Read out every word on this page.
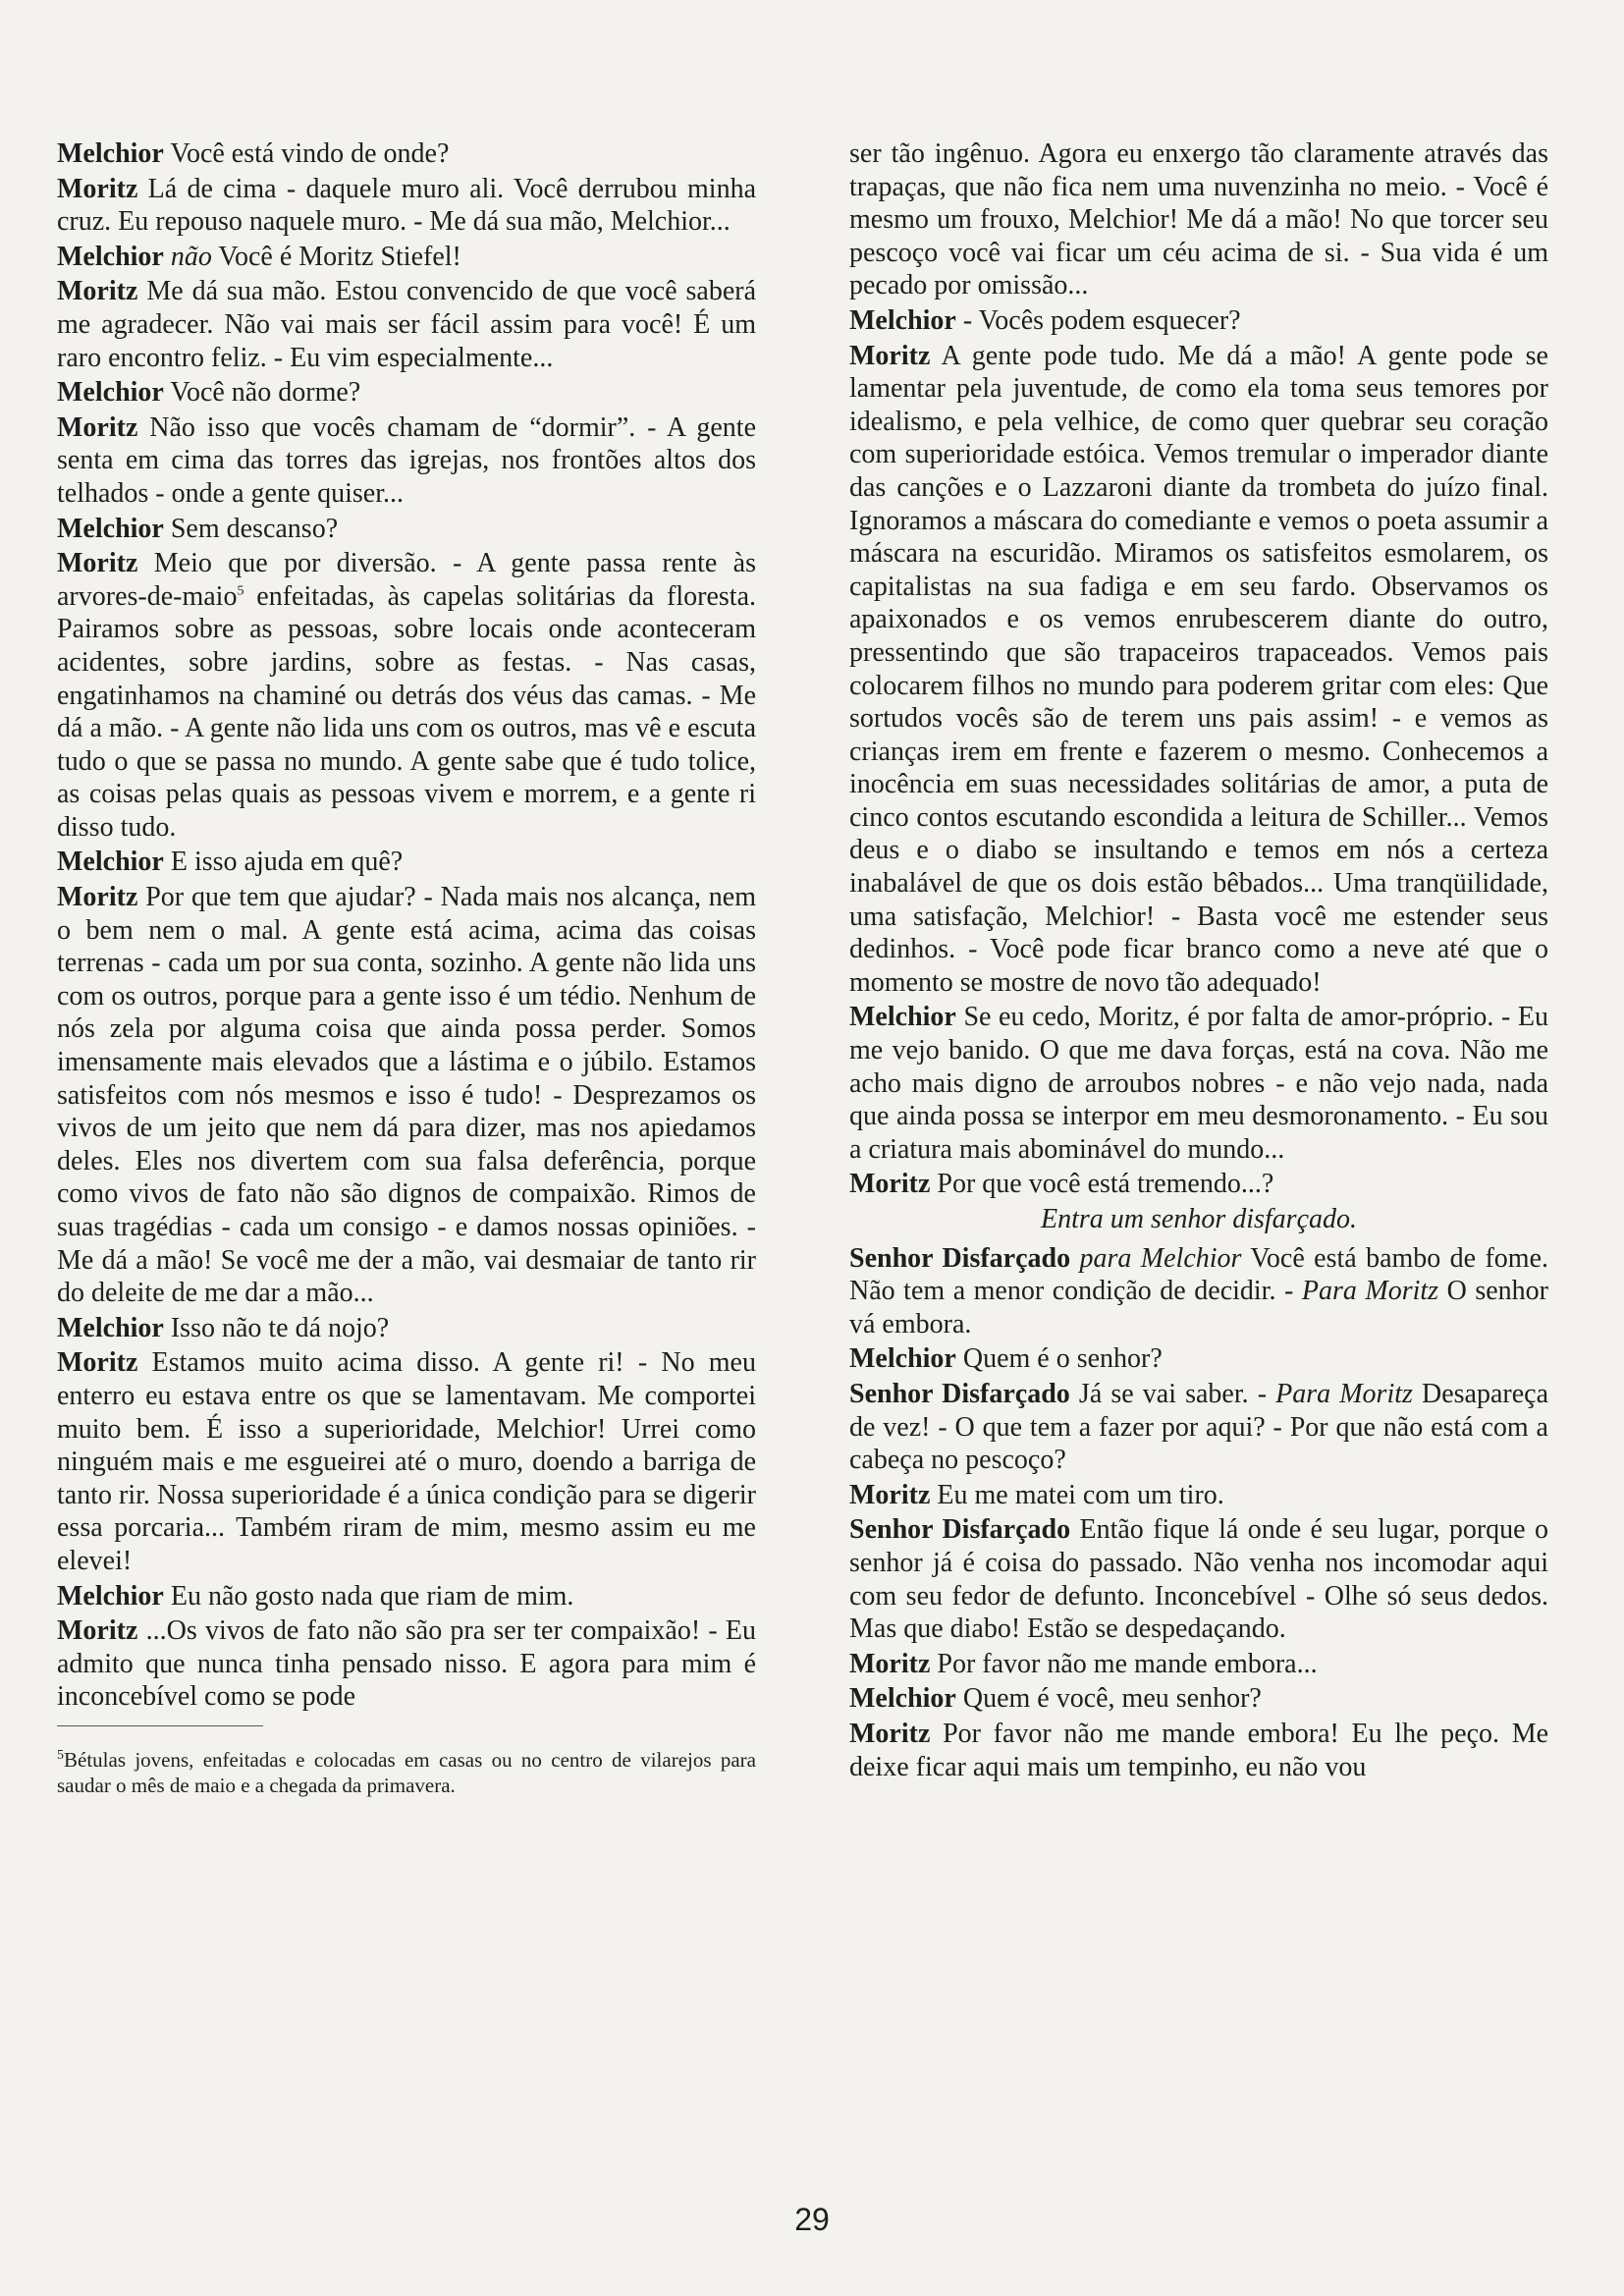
Melchior Você está vindo de onde?

Moritz Lá de cima - daquele muro ali. Você derrubou minha cruz. Eu repouso naquele muro. - Me dá sua mão, Melchior...

Melchior não Você é Moritz Stiefel!

Moritz Me dá sua mão. Estou convencido de que você saberá me agradecer. Não vai mais ser fácil assim para você! É um raro encontro feliz. - Eu vim especialmente...

Melchior Você não dorme?

Moritz Não isso que vocês chamam de “dormir”. - A gente senta em cima das torres das igrejas, nos frontões altos dos telhados - onde a gente quiser...

Melchior Sem descanso?

Moritz Meio que por diversão. - A gente passa rente às arvores-de-maio$^5$ enfeitadas, às capelas solitárias da floresta. Pairamos sobre as pessoas, sobre locais onde aconteceram acidentes, sobre jardins, sobre as festas. - Nas casas, engatinhamos na chaminé ou detrás dos véus das camas. - Me dá a mão. - A gente não lida uns com os outros, mas vê e escuta tudo o que se passa no mundo. A gente sabe que é tudo tolice, as coisas pelas quais as pessoas vivem e morrem, e a gente ri disso tudo.

Melchior E isso ajuda em quê?

Moritz Por que tem que ajudar? - Nada mais nos alcança, nem o bem nem o mal. A gente está acima, acima das coisas terrenas - cada um por sua conta, sozinho. A gente não lida uns com os outros, porque para a gente isso é um tédio. Nenhum de nós zela por alguma coisa que ainda possa perder. Somos imensamente mais elevados que a lástima e o júbilo. Estamos satisfeitos com nós mesmos e isso é tudo! - Desprezamos os vivos de um jeito que nem dá para dizer, mas nos apiedamos deles. Eles nos divertem com sua falsa deferência, porque como vivos de fato não são dignos de compaixão. Rimos de suas tragédias - cada um consigo - e damos nossas opiniões. - Me dá a mão! Se você me der a mão, vai desmaiar de tanto rir do deleite de me dar a mão...

Melchior Isso não te dá nojo?

Moritz Estamos muito acima disso. A gente ri! - No meu enterro eu estava entre os que se lamentavam. Me comportei muito bem. É isso a superioridade, Melchior! Urrei como ninguém mais e me esgueirei até o muro, doendo a barriga de tanto rir. Nossa superioridade é a única condição para se digerir essa porcaria... Também riram de mim, mesmo assim eu me elevei!

Melchior Eu não gosto nada que riam de mim.

Moritz ...Os vivos de fato não são pra ser ter compaixão! - Eu admito que nunca tinha pensado nisso. E agora para mim é inconcebível como se pode

$^5$Bétulas jovens, enfeitadas e colocadas em casas ou no centro de vilarejos para saudar o mês de maio e a chegada da primavera.

ser tão ingênuo. Agora eu enxergo tão claramente através das trapaças, que não fica nem uma nuvenzinha no meio. - Você é mesmo um frouxo, Melchior! Me dá a mão! No que torcer seu pescoço você vai ficar um céu acima de si. - Sua vida é um pecado por omissão...

Melchior - Vocês podem esquecer?

Moritz A gente pode tudo. Me dá a mão! A gente pode se lamentar pela juventude, de como ela toma seus temores por idealismo, e pela velhice, de como quer quebrar seu coração com superioridade estóica. Vemos tremular o imperador diante das canções e o Lazzaroni diante da trombeta do juízo final. Ignoramos a máscara do comediante e vemos o poeta assumir a máscara na escuridão. Miramos os satisfeitos esmolarem, os capitalistas na sua fadiga e em seu fardo. Observamos os apaixonados e os vemos enrubescerem diante do outro, pressentindo que são trapaceiros trapaceados. Vemos pais colocarem filhos no mundo para poderem gritar com eles: Que sortudos vocês são de terem uns pais assim! - e vemos as crianças irem em frente e fazerem o mesmo. Conhecemos a inocência em suas necessidades solitárias de amor, a puta de cinco contos escutando escondida a leitura de Schiller... Vemos deus e o diabo se insultando e temos em nós a certeza inabalável de que os dois estão bêbados... Uma tranqüilidade, uma satisfação, Melchior! - Basta você me estender seus dedinhos. - Você pode ficar branco como a neve até que o momento se mostre de novo tão adequado!

Melchior Se eu cedo, Moritz, é por falta de amor-próprio. - Eu me vejo banido. O que me dava forças, está na cova. Não me acho mais digno de arroubos nobres - e não vejo nada, nada que ainda possa se interpor em meu desmoronamento. - Eu sou a criatura mais abominável do mundo...

Moritz Por que você está tremendo...?

Entra um senhor disfarçado.

Senhor Disfarçado para Melchior Você está bambo de fome. Não tem a menor condição de decidir. - Para Moritz O senhor vá embora.

Melchior Quem é o senhor?

Senhor Disfarçado Já se vai saber. - Para Moritz Desapareça de vez! - O que tem a fazer por aqui? - Por que não está com a cabeça no pescoço?

Moritz Eu me matei com um tiro.

Senhor Disfarçado Então fique lá onde é seu lugar, porque o senhor já é coisa do passado. Não venha nos incomodar aqui com seu fedor de defunto. Inconcebível - Olhe só seus dedos. Mas que diabo! Estão se despedaçando.

Moritz Por favor não me mande embora...

Melchior Quem é você, meu senhor?

Moritz Por favor não me mande embora! Eu lhe peço. Me deixe ficar aqui mais um tempinho, eu não vou

29
